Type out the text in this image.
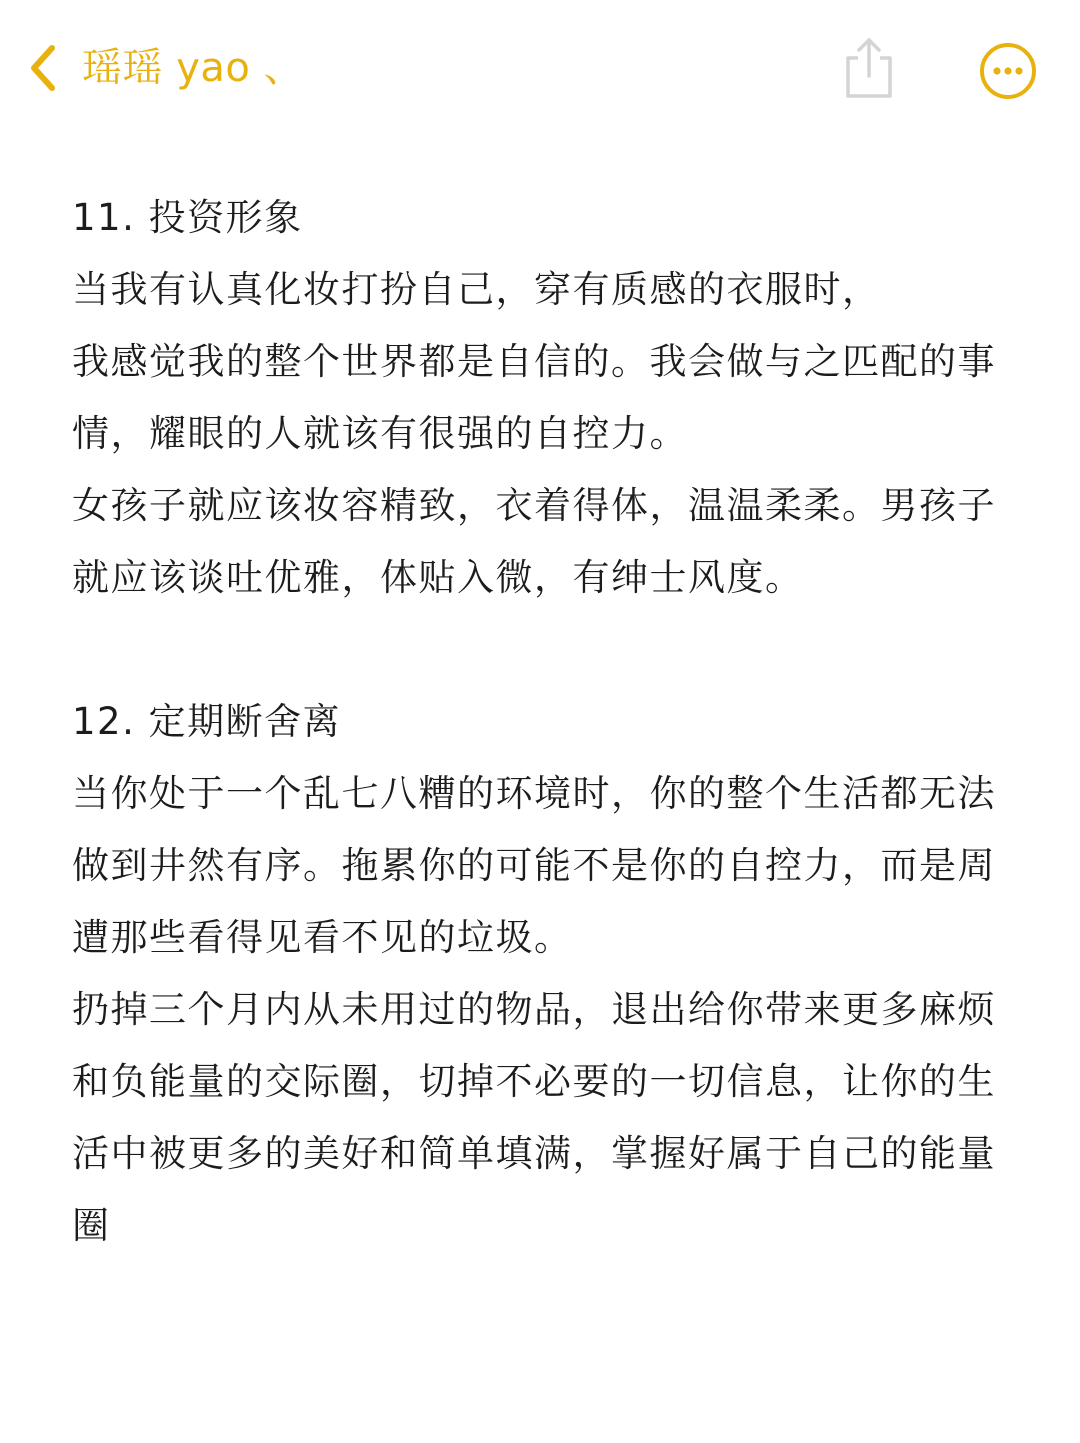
瑶瑶 yao 、

11. 投资形象

当我有认真化妆打扮自己，穿有质感的衣服时，

我感觉我的整个世界都是自信的。我会做与之匹配的事情，耀眼的人就该有很强的自控力。

女孩子就应该妆容精致，衣着得体，温温柔柔。男孩子就应该谈吐优雅，体贴入微，有绅士风度。

12. 定期断舍离

当你处于一个乱七八糟的环境时，你的整个生活都无法做到井然有序。拖累你的可能不是你的自控力，而是周遭那些看得见看不见的垃圾。

扔掉三个月内从未用过的物品，退出给你带来更多麻烦和负能量的交际圈，切掉不必要的一切信息，让你的生活中被更多的美好和简单填满，掌握好属于自己的能量圈
